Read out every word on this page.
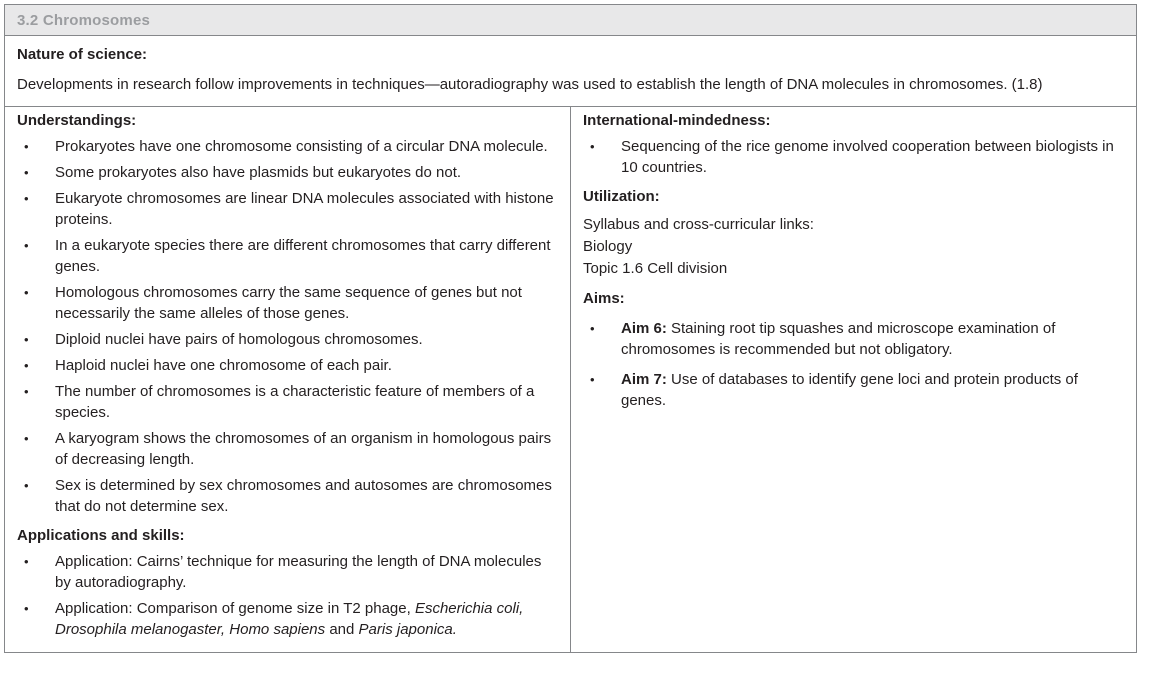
3.2 Chromosomes
Nature of science:
Developments in research follow improvements in techniques—autoradiography was used to establish the length of DNA molecules in chromosomes. (1.8)
Understandings:
•
Prokaryotes have one chromosome consisting of a circular DNA molecule.
•
Some prokaryotes also have plasmids but eukaryotes do not.
•
Eukaryote chromosomes are linear DNA molecules associated with histone proteins.
•
In a eukaryote species there are different chromosomes that carry different genes.
•
Homologous chromosomes carry the same sequence of genes but not necessarily the same alleles of those genes.
•
Diploid nuclei have pairs of homologous chromosomes.
•
Haploid nuclei have one chromosome of each pair.
•
The number of chromosomes is a characteristic feature of members of a species.
•
A karyogram shows the chromosomes of an organism in homologous pairs of decreasing length.
•
Sex is determined by sex chromosomes and autosomes are chromosomes that do not determine sex.
Applications and skills:
•
Application: Cairns’ technique for measuring the length of DNA molecules by autoradiography.
•
Application: Comparison of genome size in T2 phage, Escherichia coli, Drosophila melanogaster, Homo sapiens and Paris japonica.
International-mindedness:
•
Sequencing of the rice genome involved cooperation between biologists in 10 countries.
Utilization:
Syllabus and cross-curricular links:
Biology
Topic 1.6 Cell division
Aims:
•
Aim 6: Staining root tip squashes and microscope examination of chromosomes is recommended but not obligatory.
•
Aim 7: Use of databases to identify gene loci and protein products of genes.
